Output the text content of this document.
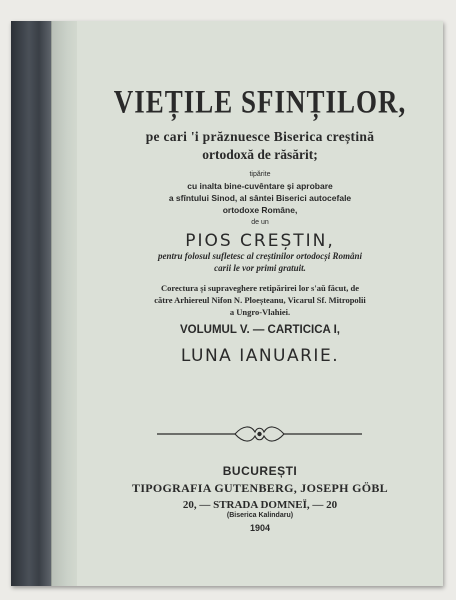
VIEȚILE SFINȚILOR,
pe cari 'i prăznuesce Biserica creștină
ortodoxă de răsărit;
tipărite
cu inalta bine-cuvêntare și aprobare
a sfîntului Sinod, al sântei Biserici autocefale
ortodoxe Române,
de un
PIOS CREȘTIN,
pentru folosul sufletesc al creștinilor ortodocși Români
carii le vor primi gratuit.
Corectura și supraveghere retipărirei lor s'aŭ făcut, de
către Arhiereul Nifon N. Ploeșteanu, Vicarul Sf. Mitropolii
a Ungro-Vlahiei.
VOLUMUL V. — CARTICICA I,
LUNA IANUARIE.
BUCUREȘTI
TIPOGRAFIA GUTENBERG, JOSEPH GÖBL
20, — STRADA DOMNEÏ, — 20
(Biserica Kalindaru)
1904
